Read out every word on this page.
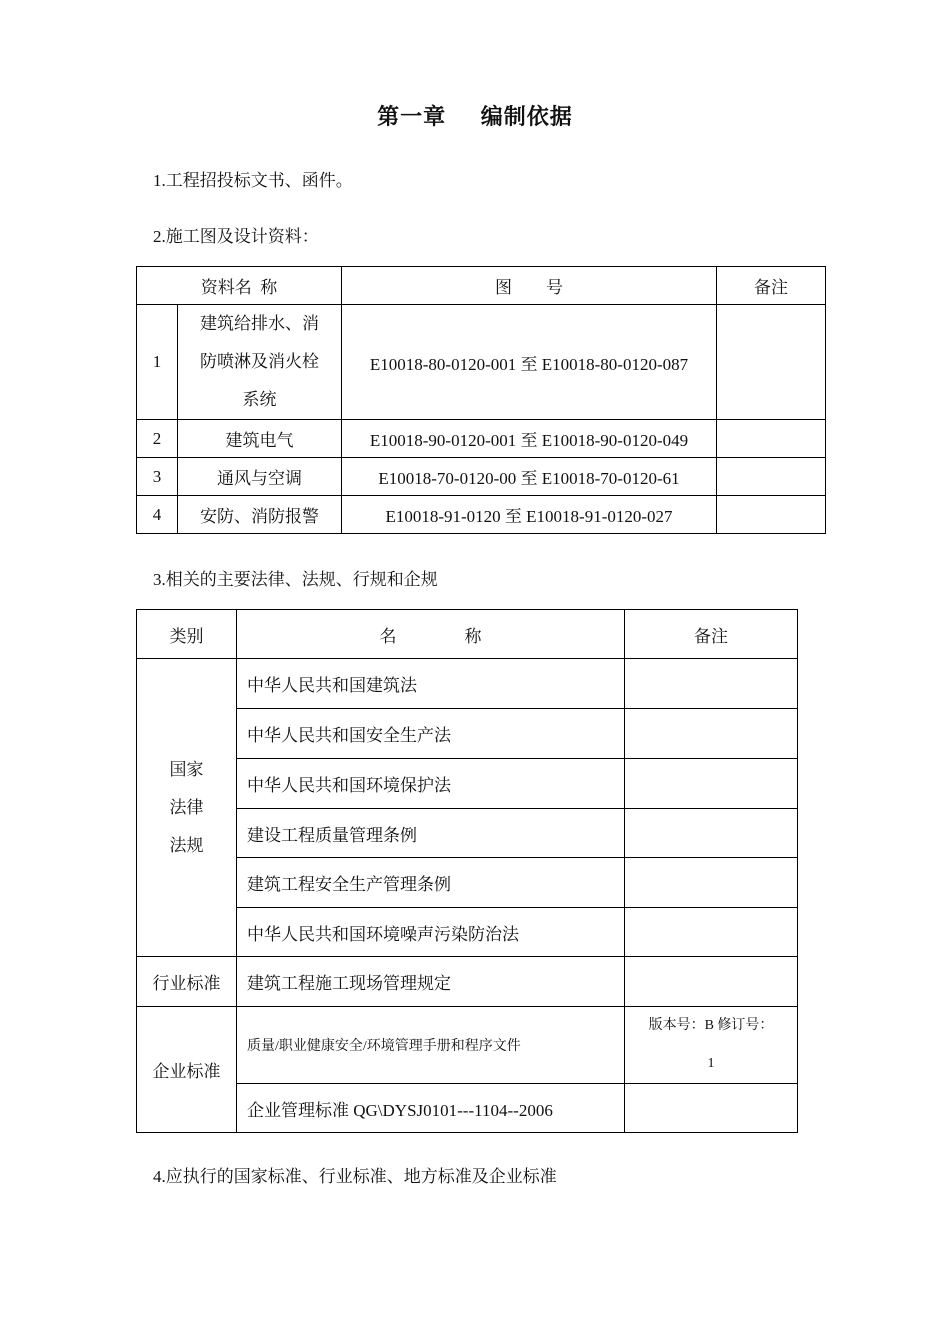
第一章    编制依据
1.工程招投标文书、函件。
2.施工图及设计资料：
资料名  称		图        号	备注
1	建筑给排水、消
防喷淋及消火栓
系统	E10018-80-0120-001 至 E10018-80-0120-087	
2	建筑电气	E10018-90-0120-001 至 E10018-90-0120-049	
3	通风与空调	E10018-70-0120-00 至 E10018-70-0120-61	
4	安防、消防报警	E10018-91-0120 至 E10018-91-0120-027	
3.相关的主要法律、法规、行规和企规
类别	名                称	备注

国家
法律
法规	中华人民共和国建筑法	
	中华人民共和国安全生产法	
	中华人民共和国环境保护法	
	建设工程质量管理条例	
	建筑工程安全生产管理条例	
	中华人民共和国环境噪声污染防治法	
行业标准	建筑工程施工现场管理规定	
企业标准	质量/职业健康安全/环境管理手册和程序文件	版本号：B 修订号：
1

	企业管理标准 QG\DYSJ0101---1104--2006	
4.应执行的国家标准、行业标准、地方标准及企业标准
